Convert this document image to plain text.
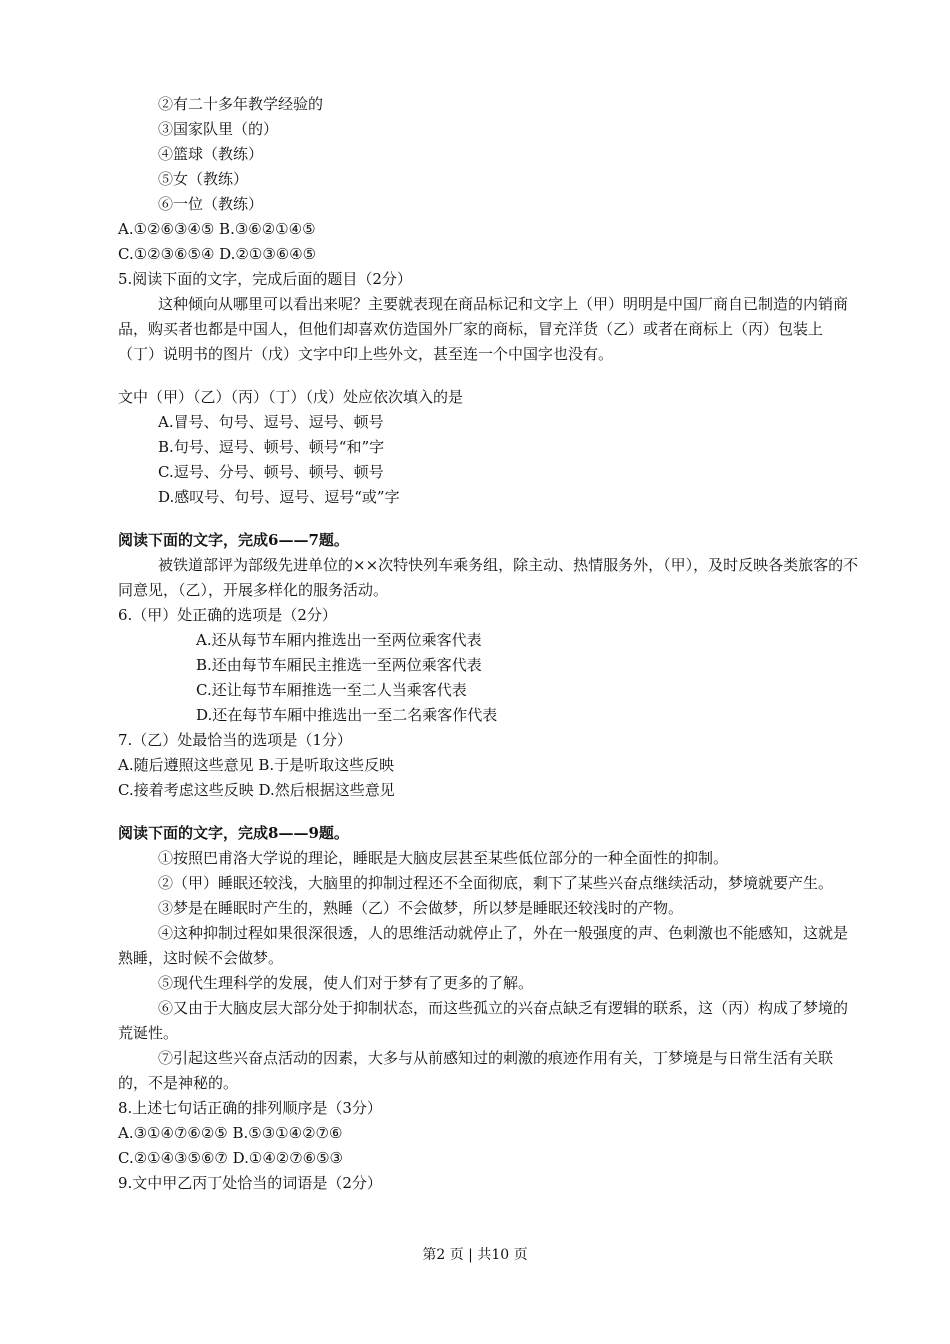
②有二十多年教学经验的
③国家队里（的）
④篮球（教练）
⑤女（教练）
⑥一位（教练）
A.①②⑥③④⑤ B.③⑥②①④⑤
C.①②③⑥⑤④ D.②①③⑥④⑤
5.阅读下面的文字，完成后面的题目（2分）

这种倾向从哪里可以看出来呢？主要就表现在商品标记和文字上（甲）明明是中国厂商自已制造的内销商品，购买者也都是中国人，但他们却喜欢仿造国外厂家的商标，冒充洋货（乙）或者在商标上（丙）包装上（丁）说明书的图片（戊）文字中印上些外文，甚至连一个中国字也没有。

文中（甲）（乙）（丙）（丁）（戊）处应依次填入的是
A.冒号、句号、逗号、逗号、顿号
B.句号、逗号、顿号、顿号“和”字
C.逗号、分号、顿号、顿号、顿号
D.感叹号、句号、逗号、逗号“或”字
阅读下面的文字，完成6——7题。

被铁道部评为部级先进单位的××次特快列车乘务组，除主动、热情服务外，（甲），及时反映各类旅客的不同意见，（乙），开展多样化的服务活动。

6.（甲）处正确的选项是（2分）
A.还从每节车厢内推选出一至两位乘客代表
B.还由每节车厢民主推选一至两位乘客代表
C.还让每节车厢推选一至二人当乘客代表
D.还在每节车厢中推选出一至二名乘客作代表
7.（乙）处最恰当的选项是（1分）
A.随后遵照这些意见 B.于是听取这些反映
C.接着考虑这些反映 D.然后根据这些意见
阅读下面的文字，完成8——9题。

①按照巴甫洛大学说的理论，睡眠是大脑皮层甚至某些低位部分的一种全面性的抑制。

②（甲）睡眠还较浅，大脑里的抑制过程还不全面彻底，剩下了某些兴奋点继续活动，梦境就要产生。

③梦是在睡眠时产生的，熟睡（乙）不会做梦，所以梦是睡眠还较浅时的产物。

④这种抑制过程如果很深很透，人的思维活动就停止了，外在一般强度的声、色刺激也不能感知，这就是熟睡，这时候不会做梦。

⑤现代生理科学的发展，使人们对于梦有了更多的了解。

⑥又由于大脑皮层大部分处于抑制状态，而这些孤立的兴奋点缺乏有逻辑的联系，这（丙）构成了梦境的荒诞性。

⑦引起这些兴奋点活动的因素，大多与从前感知过的刺激的痕迹作用有关，丁梦境是与日常生活有关联的，不是神秘的。

8.上述七句话正确的排列顺序是（3分）
A.③①④⑦⑥②⑤ B.⑤③①④②⑦⑥
C.②①④③⑤⑥⑦ D.①④②⑦⑥⑤③
9.文中甲乙丙丁处恰当的词语是（2分）
第2 页 | 共10 页
